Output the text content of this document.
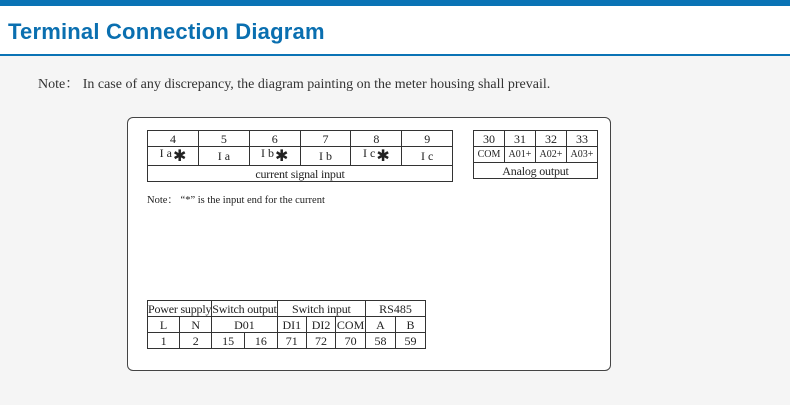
Terminal Connection Diagram
Note： In case of any discrepancy, the diagram painting on the meter housing shall prevail.
4	5	6	7	8	9
I a✱	I a	I b✱	I b	I c✱	I c
current signal input					
30	31	32	33
COM	A01+	A02+	A03+
Analog output			
Note： “*” is the input end for the current
Power supply		Switch output		Switch input			RS485	
L	N	D01		DI1	DI2	COM	A	B
1	2	15	16	71	72	70	58	59
